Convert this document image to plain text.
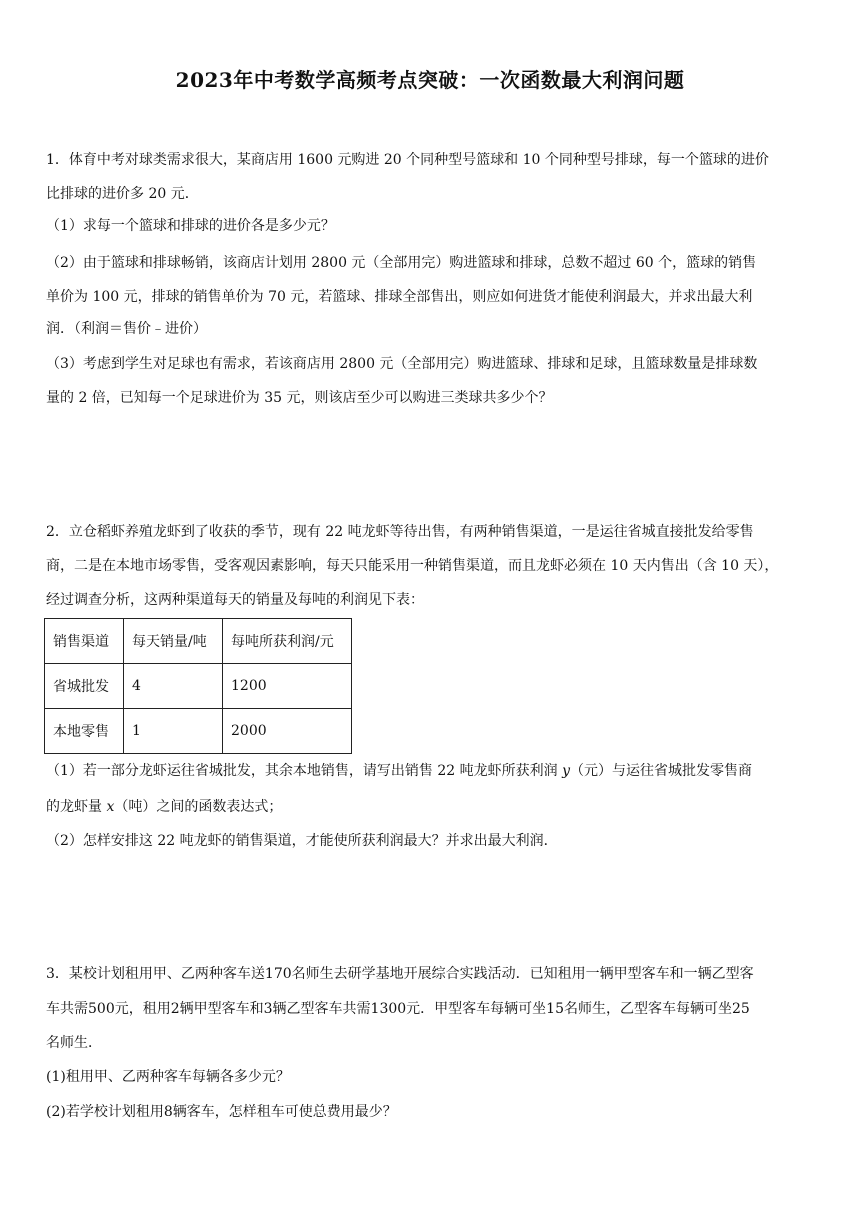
2023年中考数学高频考点突破：一次函数最大利润问题
1．体育中考对球类需求很大，某商店用 1600 元购进 20 个同种型号篮球和 10 个同种型号排球，每一个篮球的进价
比排球的进价多 20 元．
（1）求每一个篮球和排球的进价各是多少元？
（2）由于篮球和排球畅销，该商店计划用 2800 元（全部用完）购进篮球和排球，总数不超过 60 个，篮球的销售
单价为 100 元，排球的销售单价为 70 元，若篮球、排球全部售出，则应如何进货才能使利润最大，并求出最大利
润．（利润＝售价﹣进价）
（3）考虑到学生对足球也有需求，若该商店用 2800 元（全部用完）购进篮球、排球和足球，且篮球数量是排球数
量的 2 倍，已知每一个足球进价为 35 元，则该店至少可以购进三类球共多少个？
2．立仓稻虾养殖龙虾到了收获的季节，现有 22 吨龙虾等待出售，有两种销售渠道，一是运往省城直接批发给零售
商，二是在本地市场零售，受客观因素影响，每天只能采用一种销售渠道，而且龙虾必须在 10 天内售出（含 10 天），
经过调查分析，这两种渠道每天的销量及每吨的利润见下表：
销售渠道	每天销量/吨	每吨所获利润/元
省城批发	4	1200
本地零售	1	2000
（1）若一部分龙虾运往省城批发，其余本地销售，请写出销售 22 吨龙虾所获利润 y（元）与运往省城批发零售商
的龙虾量 x（吨）之间的函数表达式；
（2）怎样安排这 22 吨龙虾的销售渠道，才能使所获利润最大？并求出最大利润．
3．某校计划租用甲、乙两种客车送170名师生去研学基地开展综合实践活动．已知租用一辆甲型客车和一辆乙型客
车共需500元，租用2辆甲型客车和3辆乙型客车共需1300元．甲型客车每辆可坐15名师生，乙型客车每辆可坐25
名师生．
(1)租用甲、乙两种客车每辆各多少元？
(2)若学校计划租用8辆客车，怎样租车可使总费用最少？
